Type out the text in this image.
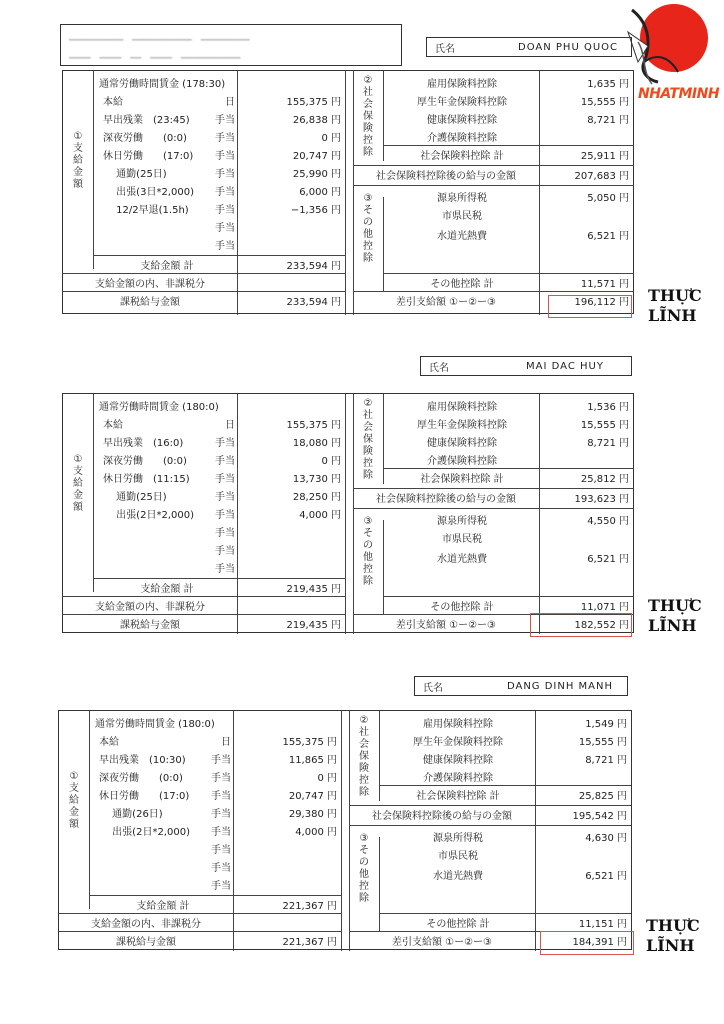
━━━━━━━━━━　━━━━━━━━━━━　━━━━━━━━━
━━━━　━━━━　━━　━━━━　━━━━━━━━━━━
NHATMINH
氏名	DOAN PHU QUOC
①
支
給
金
額
通常労働時間賃金 (178:30)
本給	日	155,375 円
早出残業　(23:45)	手当	26,838 円
深夜労働　　(0:0)	手当	0 円
休日労働　　(17:0)	手当	20,747 円
　 通勤(25日)	手当	25,990 円
　 出張(3日*2,000)	手当	6,000 円
　 12/2早退(1.5h)	手当	−1,356 円
手当
手当
支給金額 計	233,594 円
支給金額の内、非課税分
課税給与金額	233,594 円
②
社
会
保
険
控
除
雇用保険料控除	1,635 円
厚生年金保険料控除	15,555 円
健康保険料控除	8,721 円
介護保険料控除
社会保険料控除 計	25,911 円
社会保険料控除後の給与の金額	207,683 円
③
そ
の
他
控
除
源泉所得税	5,050 円
市県民税
水道光熱費	6,521 円
その他控除 計	11,571 円
差引支給額 ①ー②ー③	196,112 円 THỰC
LĨNH
氏名	MAI DAC HUY
①
支
給
金
額
通常労働時間賃金 (180:0)
本給	日	155,375 円
早出残業　(16:0)	手当	18,080 円
深夜労働　　(0:0)	手当	0 円
休日労働　(11:15)	手当	13,730 円
　 通勤(25日)	手当	28,250 円
　 出張(2日*2,000)	手当	4,000 円
手当
手当
手当
支給金額 計	219,435 円
支給金額の内、非課税分
課税給与金額	219,435 円
②
社
会
保
険
控
除
雇用保険料控除	1,536 円
厚生年金保険料控除	15,555 円
健康保険料控除	8,721 円
介護保険料控除
社会保険料控除 計	25,812 円
社会保険料控除後の給与の金額	193,623 円
③
そ
の
他
控
除
源泉所得税	4,550 円
市県民税
水道光熱費	6,521 円
その他控除 計	11,071 円
差引支給額 ①ー②ー③	182,552 円
THỰC
LĨNH
氏名	DANG DINH MANH
①
支
給
金
額
通常労働時間賃金 (180:0)
本給	日	155,375 円
早出残業　(10:30)	手当	11,865 円
深夜労働　　(0:0)	手当	0 円
休日労働　　(17:0)	手当	20,747 円
　 通勤(26日)	手当	29,380 円
　 出張(2日*2,000)	手当	4,000 円
手当
手当
手当
支給金額 計	221,367 円
支給金額の内、非課税分
課税給与金額	221,367 円
②
社
会
保
険
控
除
雇用保険料控除	1,549 円
厚生年金保険料控除	15,555 円
健康保険料控除	8,721 円
介護保険料控除
社会保険料控除 計	25,825 円
社会保険料控除後の給与の金額	195,542 円
③
そ
の
他
控
除
源泉所得税	4,630 円
市県民税
水道光熱費	6,521 円
その他控除 計	11,151 円
差引支給額 ①ー②ー③	184,391 円
THỰC
LĨNH
